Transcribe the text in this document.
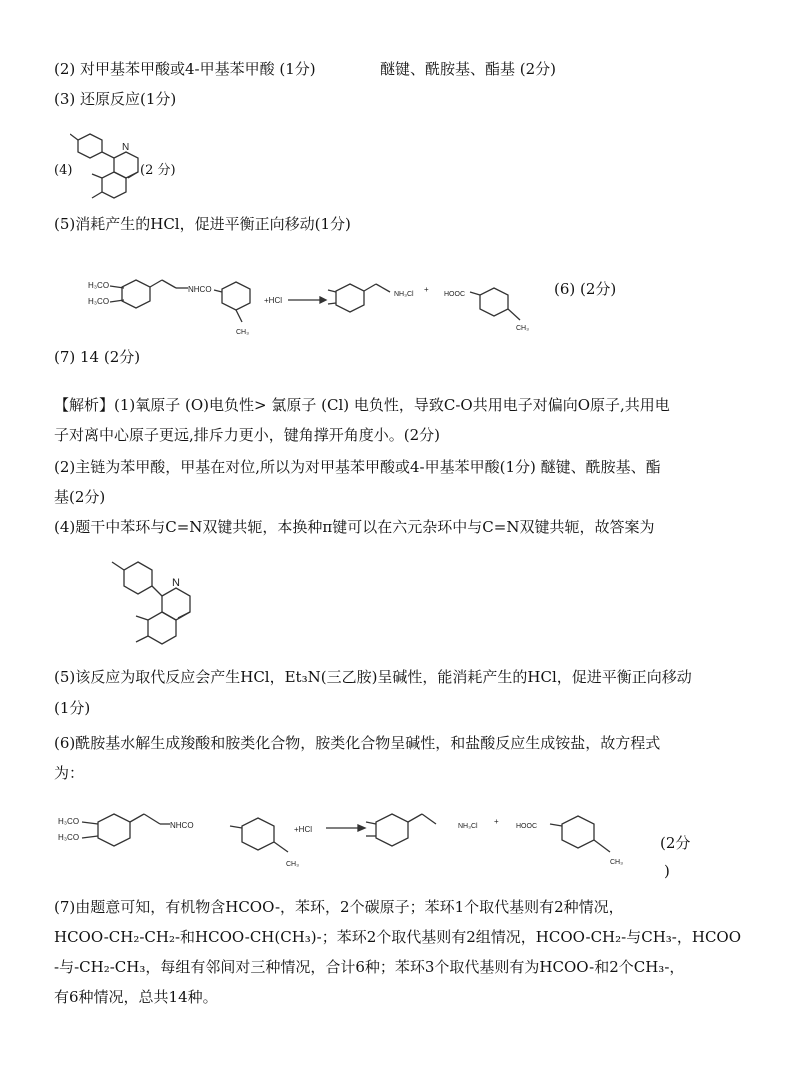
(2) 对甲基苯甲酸或4-甲基苯甲酸 (1分)	醚键、酰胺基、酯基 (2分)
(3) 还原反应(1分)
(4)
N
(2 分)
(5)消耗产生的HCl，促进平衡正向移动(1分)
H₃CO
H₃CO
NHCO
CH₃
+HCl
NH₃Cl
+
HOOC
CH₃
(6) (2分)
(7) 14 (2分)
【解析】(1)氧原子 (O)电负性> 氯原子 (Cl) 电负性，导致C-O共用电子对偏向O原子,共用电
子对离中心原子更远,排斥力更小，键角撑开角度小。(2分)
(2)主链为苯甲酸，甲基在对位,所以为对甲基苯甲酸或4-甲基苯甲酸(1分) 醚键、酰胺基、酯
基(2分)
(4)题干中苯环与C=N双键共轭，本换种π键可以在六元杂环中与C=N双键共轭，故答案为
N
(5)该反应为取代反应会产生HCl，Et₃N(三乙胺)呈碱性，能消耗产生的HCl，促进平衡正向移动
(1分)
(6)酰胺基水解生成羧酸和胺类化合物，胺类化合物呈碱性，和盐酸反应生成铵盐，故方程式
为：
H₃CO
H₃CO
NHCO
CH₃
+HCl	NH₃Cl
+
HOOC
CH₃
(2分
)
(7)由题意可知，有机物含HCOO-，苯环，2个碳原子；苯环1个取代基则有2种情况，
HCOO-CH₂-CH₂-和HCOO-CH(CH₃)-；苯环2个取代基则有2组情况，HCOO-CH₂-与CH₃-，HCOO
-与-CH₂-CH₃，每组有邻间对三种情况，合计6种；苯环3个取代基则有为HCOO-和2个CH₃-，
有6种情况，总共14种。
